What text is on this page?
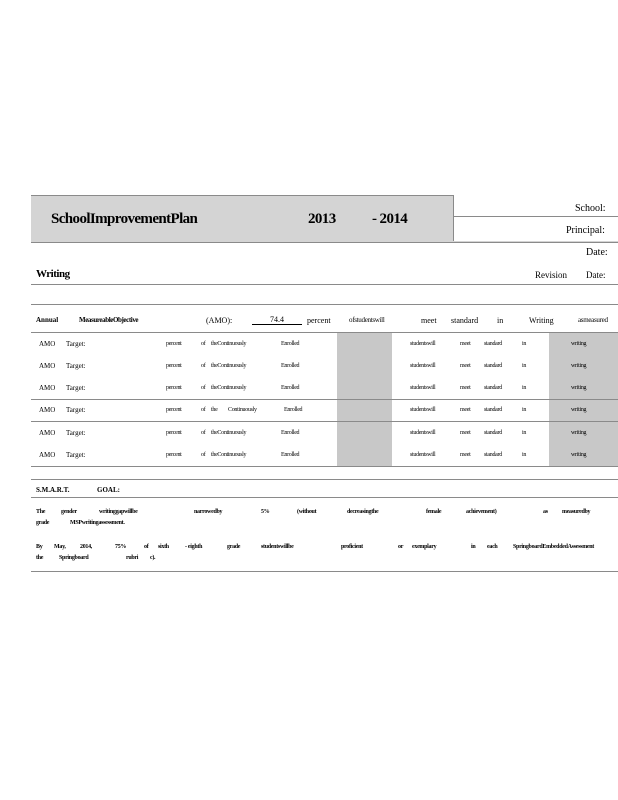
SchoolImprovementPlan	2013 - 2014
School:
Principal:
Date:
Writing	Revision Date:
Annual	MeasureableObjective	(AMO):	74.4	percent	ofstudentswill	meet standard in	Writing	asmeasured
AMO Target:	percent	of theContinuously	Enrolled	studentswill	meet standard	in	writing
AMO Target:	percent	of theContinuously	Enrolled	studentswill	meet standard	in	writing
AMO Target:	percent	of theContinuously	Enrolled	studentswill	meet standard	in	writing
AMO Target:	percent	of the Continuously	Enrolled	studentswill	meet standard	in	writing
AMO Target:	percent	of theContinuously	Enrolled	studentswill	meet standard	in	writing
AMO Target:	percent	of theContinuously	Enrolled	studentswill	meet standard	in	writing
S.M.A.R.T.	GOAL:
The	gender	writinggapwillbe	narrowedby	5%	(without	decreasingthe	female	achievement)	as measuredby
grade	MSPwritingassessment.
By May, 2014,	75%	of sixth	- eighth	grade	studentswillbe	proficient	or exemplary	in each	SpringboardEmbeddedAssessment
the	Springboard	rubri c).
